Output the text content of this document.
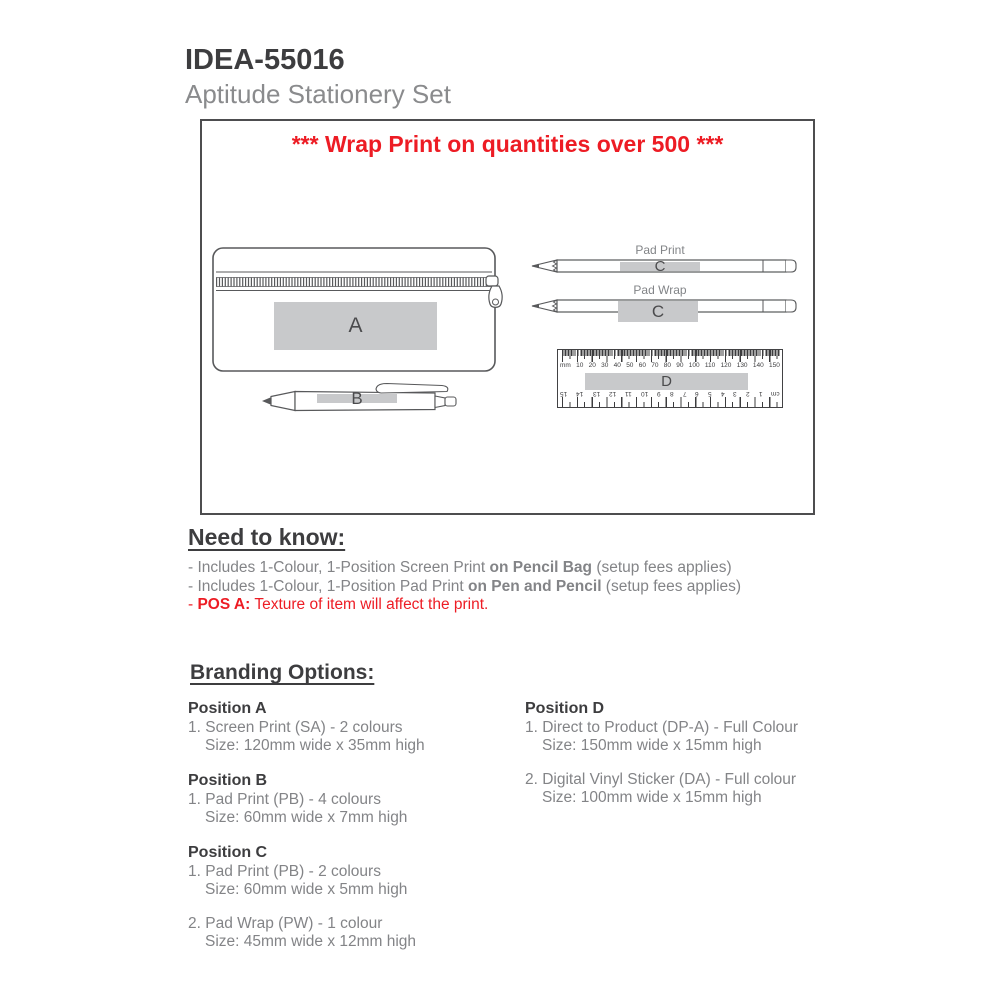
IDEA-55016
Aptitude Stationery Set
*** Wrap Print on quantities over 500 ***
Pad Print
Pad Wrap
A
B
C
C
mm 10 20 30 40 50 60 70 80 90 100 110 120 130 140 150
15 14 13 12 11 10 9 8 7 6 5 4 3 2 1 cm
D
Need to know:
- Includes 1-Colour, 1-Position Screen Print on Pencil Bag (setup fees applies)
- Includes 1-Colour, 1-Position Pad Print on Pen and Pencil (setup fees applies)
- POS A: Texture of item will affect the print.
Branding Options:
Position A
1. Screen Print (SA) - 2 colours
Size: 120mm wide x 35mm high
Position B
1. Pad Print (PB) - 4 colours
Size: 60mm wide x 7mm high
Position C
1. Pad Print (PB) - 2 colours
Size: 60mm wide x 5mm high
2. Pad Wrap (PW) - 1 colour
Size: 45mm wide x 12mm high
Position D
1. Direct to Product (DP-A) - Full Colour
Size: 150mm wide x 15mm high
2. Digital Vinyl Sticker (DA) - Full colour
Size: 100mm wide x 15mm high
